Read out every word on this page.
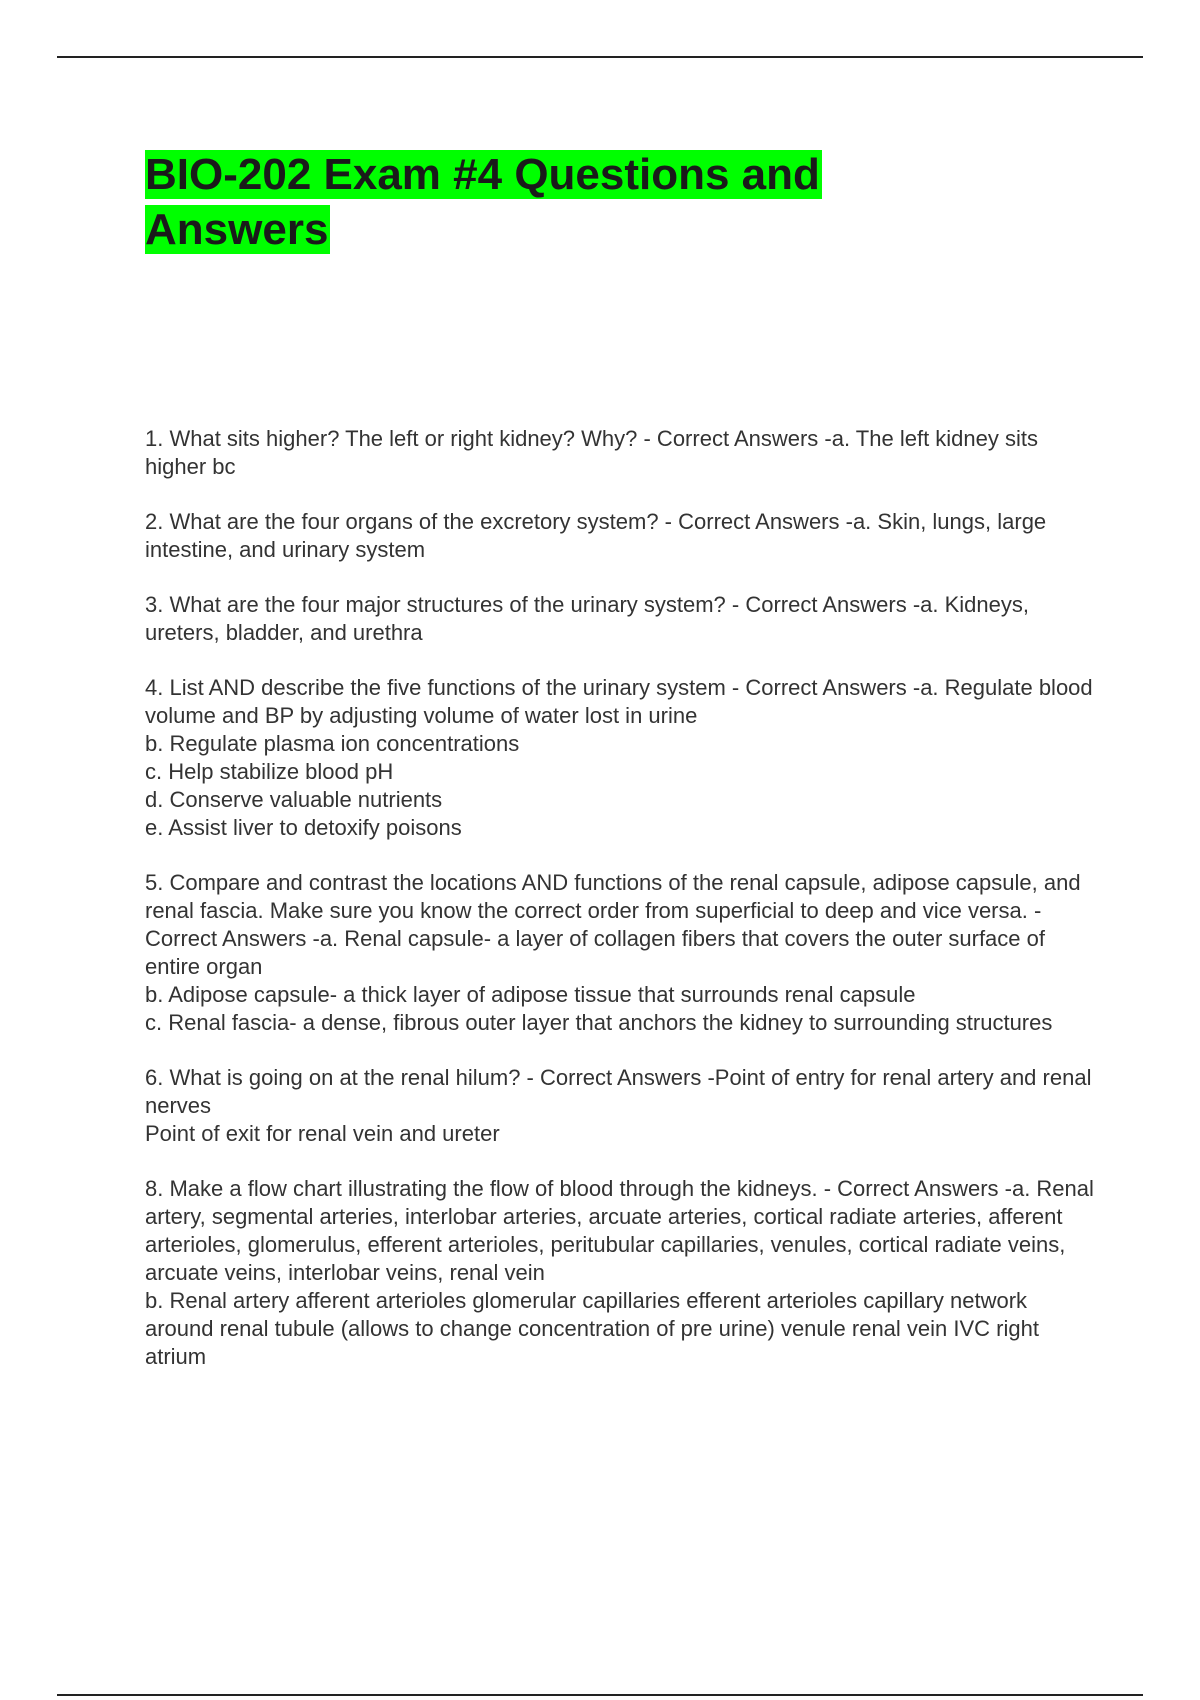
BIO-202 Exam #4 Questions and Answers

1. What sits higher? The left or right kidney? Why? - Correct Answers -a. The left kidney sits higher bc

2. What are the four organs of the excretory system? - Correct Answers -a. Skin, lungs, large intestine, and urinary system

3. What are the four major structures of the urinary system? - Correct Answers -a. Kidneys, ureters, bladder, and urethra

4. List AND describe the five functions of the urinary system - Correct Answers -a. Regulate blood volume and BP by adjusting volume of water lost in urine
b. Regulate plasma ion concentrations
c. Help stabilize blood pH
d. Conserve valuable nutrients
e. Assist liver to detoxify poisons

5. Compare and contrast the locations AND functions of the renal capsule, adipose capsule, and renal fascia. Make sure you know the correct order from superficial to deep and vice versa. - Correct Answers -a. Renal capsule- a layer of collagen fibers that covers the outer surface of entire organ
b. Adipose capsule- a thick layer of adipose tissue that surrounds renal capsule
c. Renal fascia- a dense, fibrous outer layer that anchors the kidney to surrounding structures

6. What is going on at the renal hilum? - Correct Answers -Point of entry for renal artery and renal nerves
Point of exit for renal vein and ureter

8. Make a flow chart illustrating the flow of blood through the kidneys. - Correct Answers -a. Renal artery, segmental arteries, interlobar arteries, arcuate arteries, cortical radiate arteries, afferent arterioles, glomerulus, efferent arterioles, peritubular capillaries, venules, cortical radiate veins, arcuate veins, interlobar veins, renal vein
b. Renal artery afferent arterioles glomerular capillaries efferent arterioles capillary network around renal tubule (allows to change concentration of pre urine) venule renal vein IVC right atrium
